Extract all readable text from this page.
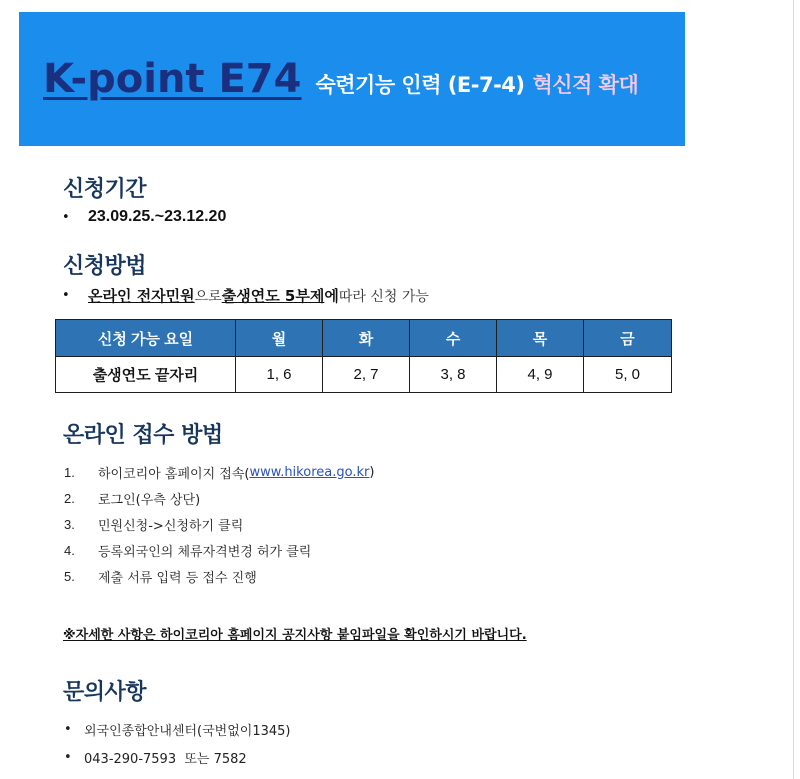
K-point E74 숙련기능 인력 (E-7-4) 혁신적 확대
신청기간
•	23.09.25.~23.12.20
신청방법
•	온라인 전자민원 으로 출생연도 5부제 에 따라 신청 가능
신청 가능 요일	월	화	수	목	금
출생연도 끝자리	1, 6	2, 7	3, 8	4, 9	5, 0
온라인 접수 방법
1.	하이코리아 홈페이지 접속( www.hikorea.go.kr )
2.	로그인(우측 상단)
3.	민원신청->신청하기 클릭
4.	등록외국인의 체류자격변경 허가 클릭
5.	제출 서류 입력 등 접수 진행
※자세한 사항은 하이코리아 홈페이지 공지사항 붙임파일을 확인하시기 바랍니다.
문의사항
• 외국인종합안내센터(국번없이1345)
• 043-290-7593  또는 7582
